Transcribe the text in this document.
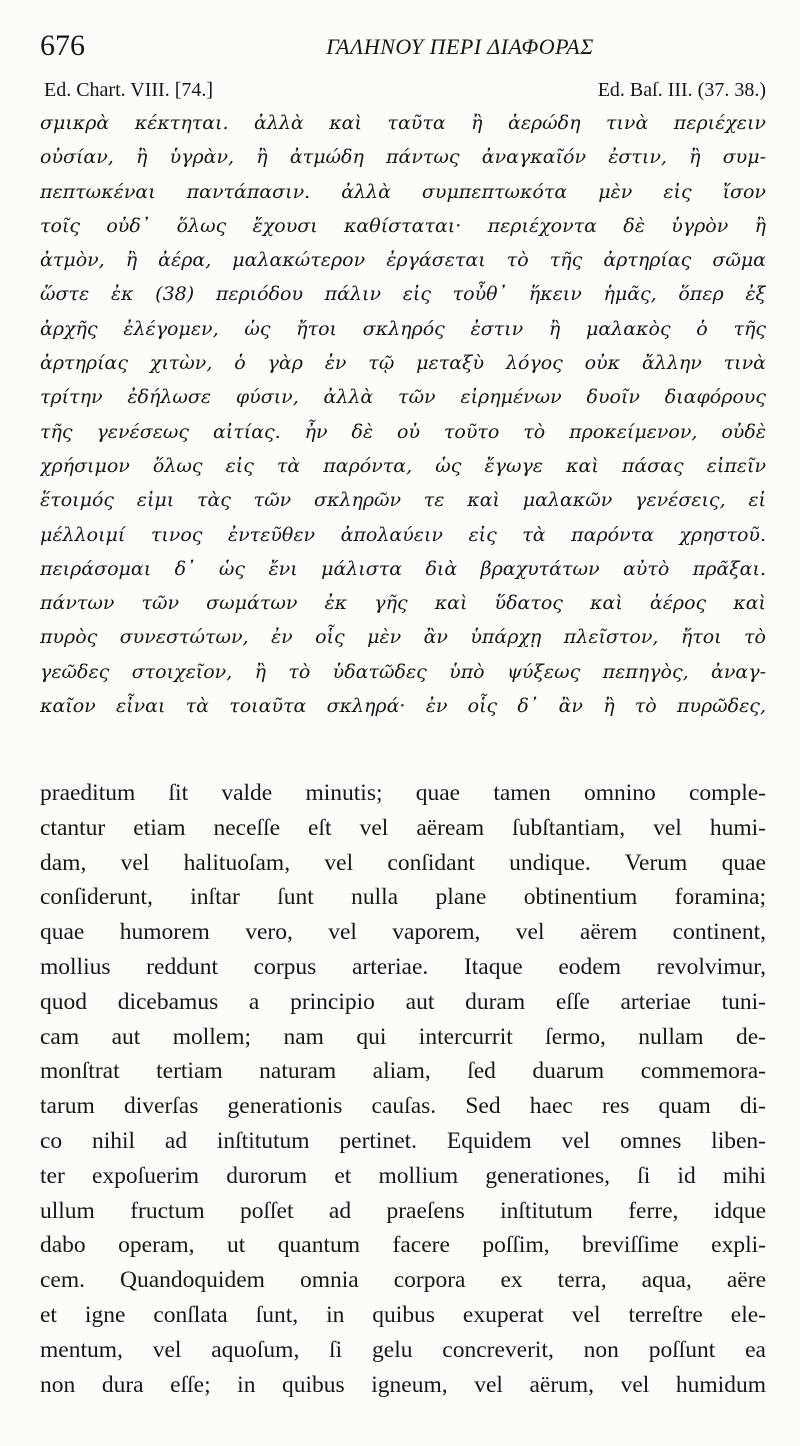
676	ΓΑΛΗΝΟΥ ΠΕΡΙ ΔΙΑΦΟΡΑΣ
Ed. Chart. VIII. [74.]	Ed. Baſ. III. (37. 38.)
σμικρὰ κέκτηται. ἀλλὰ καὶ ταῦτα ἢ ἀερώδη τινὰ περιέχειν
οὐσίαν, ἢ ὑγρὰν, ἢ ἀτμώδη πάντως ἀναγκαῖόν ἐστιν, ἢ συμ-
πεπτωκέναι παντάπασιν. ἀλλὰ συμπεπτωκότα μὲν εἰς ἴσον
τοῖς οὐδ᾽ ὅλως ἔχουσι καθίσταται· περιέχοντα δὲ ὑγρὸν ἢ
ἀτμὸν, ἢ ἀέρα, μαλακώτερον ἐργάσεται τὸ τῆς ἀρτηρίας σῶμα
ὥστε ἐκ (38) περιόδου πάλιν εἰς τοὖθ᾽ ἥκειν ἡμᾶς, ὅπερ ἐξ
ἀρχῆς ἐλέγομεν, ὡς ἤτοι σκληρός ἐστιν ἢ μαλακὸς ὁ τῆς
ἀρτηρίας χιτὼν, ὁ γὰρ ἐν τῷ μεταξὺ λόγος οὐκ ἄλλην τινὰ
τρίτην ἐδήλωσε φύσιν, ἀλλὰ τῶν εἰρημένων δυοῖν διαφόρους
τῆς γενέσεως αἰτίας. ἦν δὲ οὐ τοῦτο τὸ προκείμενον, οὐδὲ
χρήσιμον ὅλως εἰς τὰ παρόντα, ὡς ἔγωγε καὶ πάσας εἰπεῖν
ἕτοιμός εἰμι τὰς τῶν σκληρῶν τε καὶ μαλακῶν γενέσεις, εἰ
μέλλοιμί τινος ἐντεῦθεν ἀπολαύειν εἰς τὰ παρόντα χρηστοῦ.
πειράσομαι δ᾽ ὡς ἔνι μάλιστα διὰ βραχυτάτων αὐτὸ πρᾶξαι.
πάντων τῶν σωμάτων ἐκ γῆς καὶ ὕδατος καὶ ἀέρος καὶ
πυρὸς συνεστώτων, ἐν οἷς μὲν ἂν ὑπάρχῃ πλεῖστον, ἤτοι τὸ
γεῶδες στοιχεῖον, ἢ τὸ ὑδατῶδες ὑπὸ ψύξεως πεπηγὸς, ἀναγ-
καῖον εἶναι τὰ τοιαῦτα σκληρά· ἐν οἷς δ᾽ ἂν ἢ τὸ πυρῶδες,
praeditum ſit valde minutis; quae tamen omnino comple-
ctantur etiam neceſſe eſt vel aëream ſubſtantiam, vel humi-
dam, vel halituoſam, vel conſidant undique. Verum quae
conſiderunt, inſtar ſunt nulla plane obtinentium foramina;
quae humorem vero, vel vaporem, vel aërem continent,
mollius reddunt corpus arteriae. Itaque eodem revolvimur,
quod dicebamus a principio aut duram eſſe arteriae tuni-
cam aut mollem; nam qui intercurrit ſermo, nullam de-
monſtrat tertiam naturam aliam, ſed duarum commemora-
tarum diverſas generationis cauſas. Sed haec res quam di-
co nihil ad inſtitutum pertinet. Equidem vel omnes liben-
ter expoſuerim durorum et mollium generationes, ſi id mihi
ullum fructum poſſet ad praeſens inſtitutum ferre, idque
dabo operam, ut quantum facere poſſim, breviſſime expli-
cem. Quandoquidem omnia corpora ex terra, aqua, aëre
et igne conſlata ſunt, in quibus exuperat vel terreſtre ele-
mentum, vel aquoſum, ſi gelu concreverit, non poſſunt ea
non dura eſſe; in quibus igneum, vel aërum, vel humidum
